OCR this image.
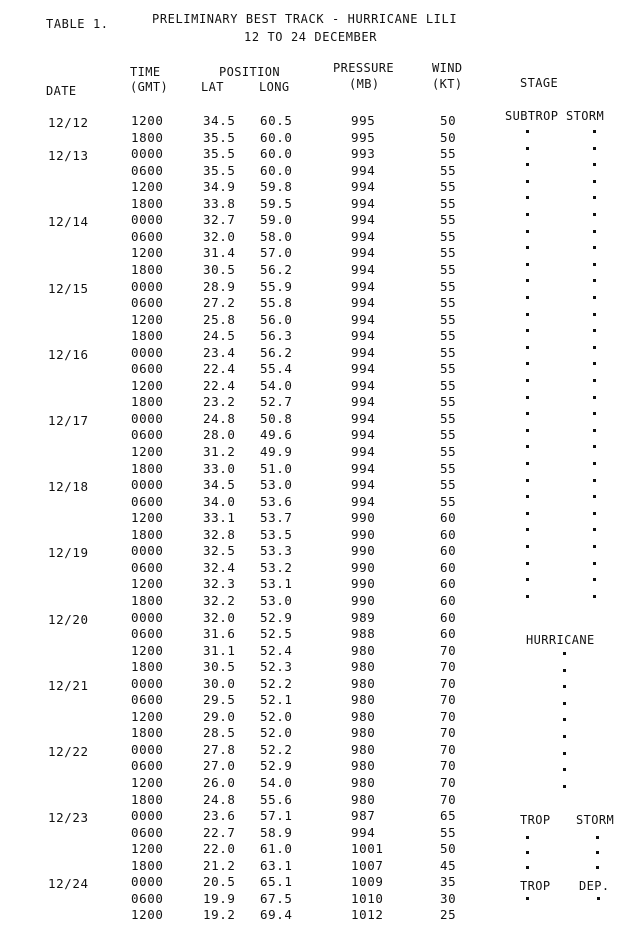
TABLE 1.	PRELIMINARY BEST TRACK - HURRICANE LILI
12 TO 24 DECEMBER
TIME	POSITION	PRESSURE	WIND
DATE	(GMT)	LAT	LONG	(MB)	(KT)	STAGE
12/12	1200	34.5 60.5	995	50
1800	35.5 60.0	995	50
12/13	0000	35.5 60.0	993	55
0600	35.5 60.0	994	55
1200	34.9 59.8	994	55
1800	33.8 59.5	994	55
12/14	0000	32.7 59.0	994	55
0600	32.0 58.0	994	55
1200	31.4 57.0	994	55
1800	30.5 56.2	994	55
12/15	0000	28.9 55.9	994	55
0600	27.2 55.8	994	55
1200	25.8 56.0	994	55
1800	24.5 56.3	994	55
12/16	0000	23.4 56.2	994	55
0600	22.4 55.4	994	55
1200	22.4 54.0	994	55
1800	23.2 52.7	994	55
12/17	0000	24.8 50.8	994	55
0600	28.0 49.6	994	55
1200	31.2 49.9	994	55
1800	33.0 51.0	994	55
12/18	0000	34.5 53.0	994	55
0600	34.0 53.6	994	55
1200	33.1 53.7	990	60
1800	32.8 53.5	990	60
12/19	0000	32.5 53.3	990	60
0600	32.4 53.2	990	60
1200	32.3 53.1	990	60
1800	32.2 53.0	990	60
12/20	0000	32.0 52.9	989	60
0600	31.6 52.5	988	60
1200	31.1 52.4	980	70
1800	30.5 52.3	980	70
12/21	0000	30.0 52.2	980	70
0600	29.5 52.1	980	70
1200	29.0 52.0	980	70
1800	28.5 52.0	980	70
12/22	0000	27.8 52.2	980	70
0600	27.0 52.9	980	70
1200	26.0 54.0	980	70
1800	24.8 55.6	980	70
12/23	0000	23.6 57.1	987	65
0600	22.7 58.9	994	55
1200	22.0 61.0	1001	50
1800	21.2 63.1	1007	45
12/24	0000	20.5 65.1	1009	35
0600	19.9 67.5	1010	30
1200	19.2 69.4	1012	25
SUBTROP STORM
HURRICANE
TROP STORM
TROP DEP.
